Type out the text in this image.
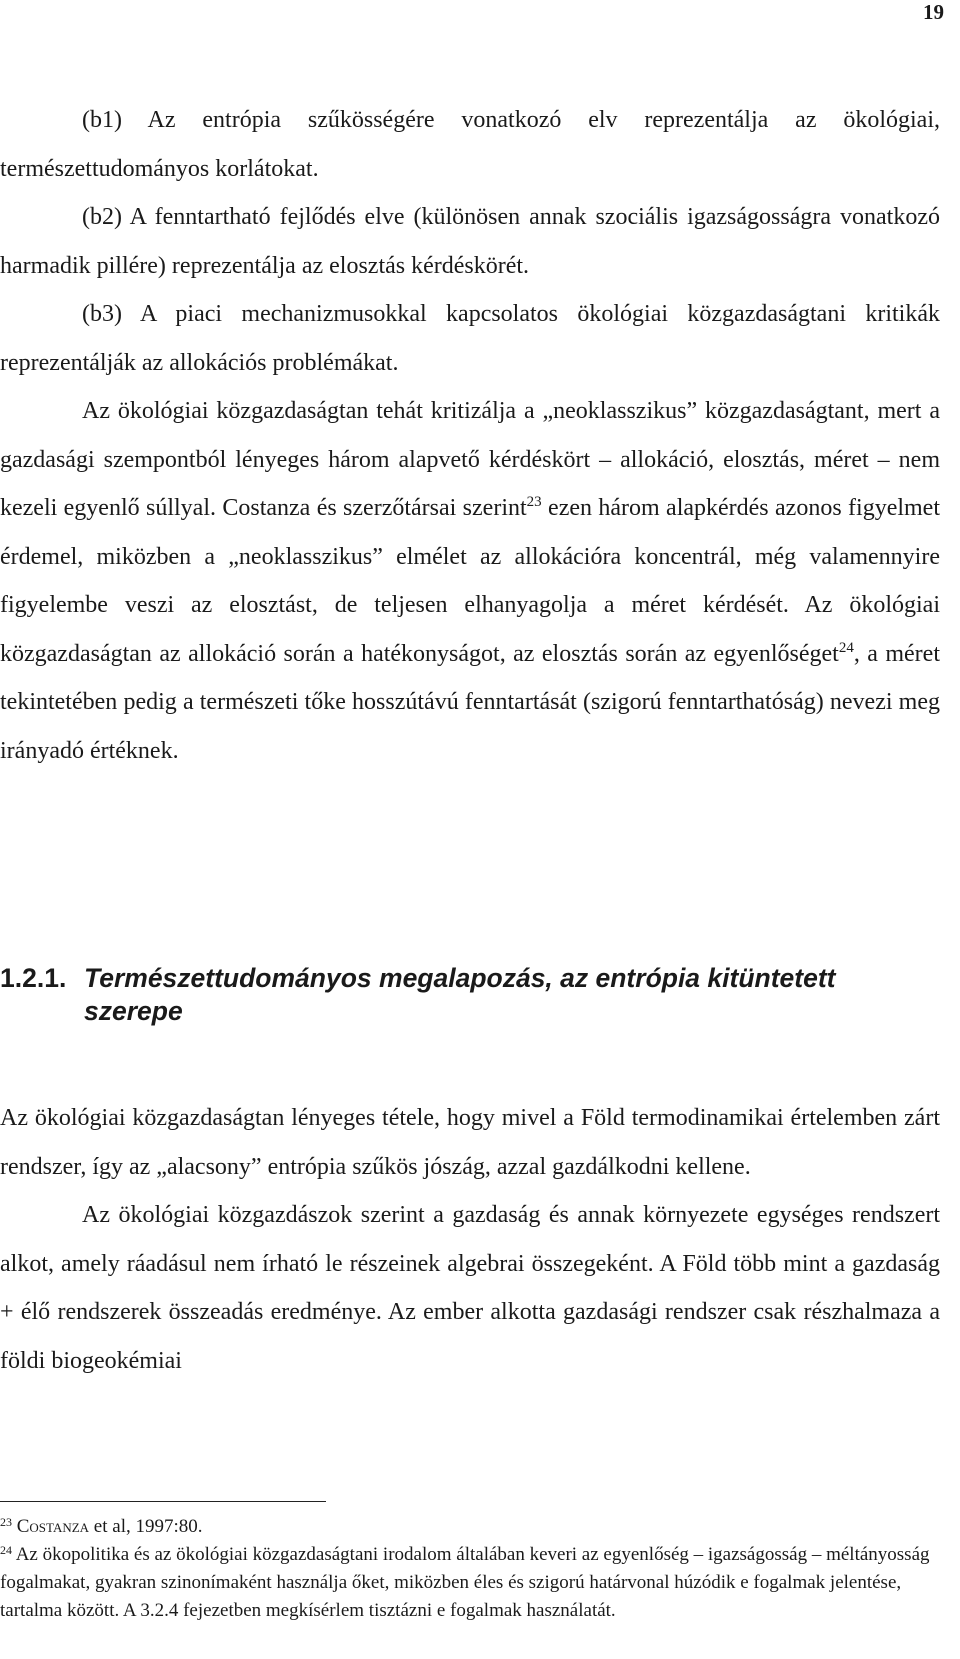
19

(b1) Az entrópia szűkösségére vonatkozó elv reprezentálja az ökológiai, természettudományos korlátokat.

(b2) A fenntartható fejlődés elve (különösen annak szociális igazságosságra vonatkozó harmadik pillére) reprezentálja az elosztás kérdéskörét.

(b3) A piaci mechanizmusokkal kapcsolatos ökológiai közgazdaságtani kritikák reprezentálják az allokációs problémákat.

Az ökológiai közgazdaságtan tehát kritizálja a „neoklasszikus” közgazdaságtant, mert a gazdasági szempontból lényeges három alapvető kérdéskört – allokáció, elosztás, méret – nem kezeli egyenlő súllyal. Costanza és szerzőtársai szerint$^{23}$ ezen három alapkérdés azonos figyelmet érdemel, miközben a „neoklasszikus” elmélet az allokációra koncentrál, még valamennyire figyelembe veszi az elosztást, de teljesen elhanyagolja a méret kérdését. Az ökológiai közgazdaságtan az allokáció során a hatékonyságot, az elosztás során az egyenlőséget$^{24}$, a méret tekintetében pedig a természeti tőke hosszútávú fenntartását (szigorú fenntarthatóság) nevezi meg irányadó értéknek.

1.2.1. Természettudományos megalapozás, az entrópia kitüntetett
szerepe

Az ökológiai közgazdaságtan lényeges tétele, hogy mivel a Föld termodinamikai értelemben zárt rendszer, így az „alacsony” entrópia szűkös jószág, azzal gazdálkodni kellene.

Az ökológiai közgazdászok szerint a gazdaság és annak környezete egységes rendszert alkot, amely ráadásul nem írható le részeinek algebrai összegeként. A Föld több mint a gazdaság + élő rendszerek összeadás eredménye. Az ember alkotta gazdasági rendszer csak részhalmaza a földi biogeokémiai

$^{23}$ Costanza et al, 1997:80.

$^{24}$ Az ökopolitika és az ökológiai közgazdaságtani irodalom általában keveri az egyenlőség – igazságosság – méltányosság fogalmakat, gyakran szinonímaként használja őket, miközben éles és szigorú határvonal húzódik e fogalmak jelentése, tartalma között. A 3.2.4 fejezetben megkísérlem tisztázni e fogalmak használatát.
